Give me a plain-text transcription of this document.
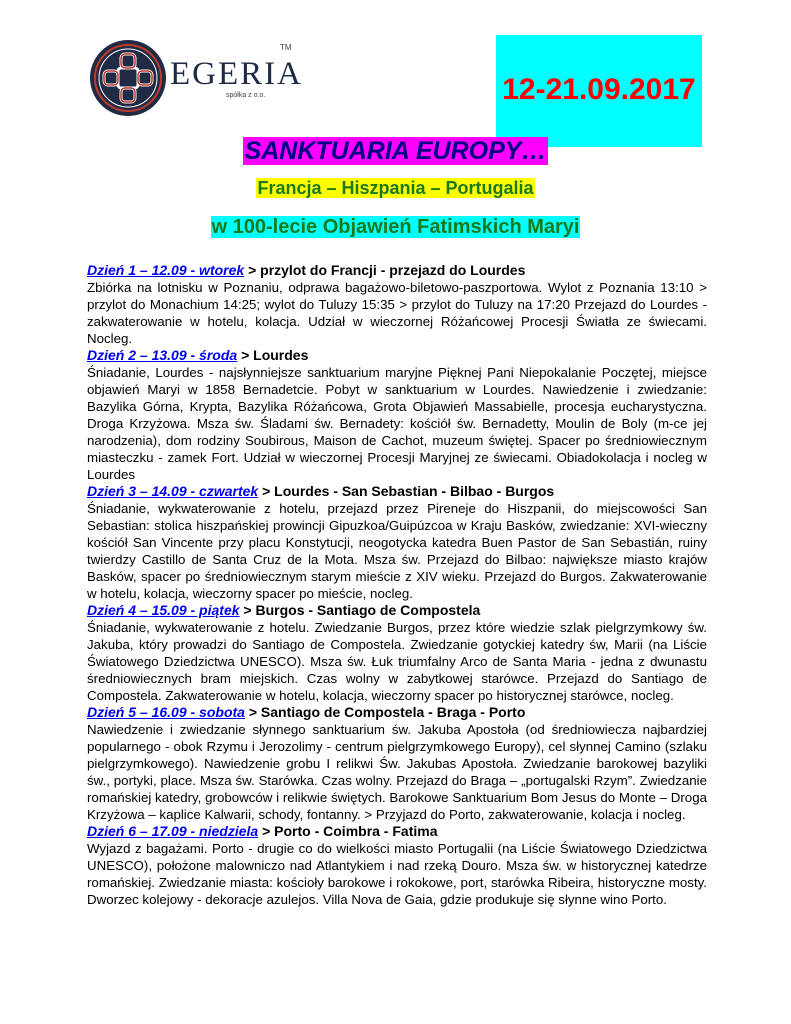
EGERIA
spółka z o.o.
TM
12-21.09.2017
SANKTUARIA EUROPY…
Francja – Hiszpania – Portugalia
w 100-lecie Objawień Fatimskich Maryi
Dzień 1 – 12.09 - wtorek > przylot do Francji - przejazd do Lourdes

Zbiórka na lotnisku w Poznaniu, odprawa bagażowo-biletowo-paszportowa. Wylot z Poznania 13:10 > przylot do Monachium 14:25; wylot do Tuluzy 15:35 > przylot do Tuluzy na 17:20 Przejazd do Lourdes - zakwaterowanie w hotelu, kolacja. Udział w wieczornej Różańcowej Procesji Światła ze świecami. Nocleg.

Dzień 2 – 13.09 - środa > Lourdes

Śniadanie, Lourdes - najsłynniejsze sanktuarium maryjne Pięknej Pani Niepokalanie Poczętej, miejsce objawień Maryi w 1858 Bernadetcie. Pobyt w sanktuarium w Lourdes. Nawiedzenie i zwiedzanie: Bazylika Górna, Krypta, Bazylika Różańcowa, Grota Objawień Massabielle, procesja eucharystyczna. Droga Krzyżowa. Msza św. Śladami św. Bernadety: kościół św. Bernadetty, Moulin de Boly (m-ce jej narodzenia), dom rodziny Soubirous, Maison de Cachot, muzeum świętej. Spacer po średniowiecznym miasteczku - zamek Fort. Udział w wieczornej Procesji Maryjnej ze świecami. Obiadokolacja i nocleg w Lourdes

Dzień 3 – 14.09 - czwartek > Lourdes - San Sebastian - Bilbao - Burgos

Śniadanie, wykwaterowanie z hotelu, przejazd przez Pireneje do Hiszpanii, do miejscowości San Sebastian: stolica hiszpańskiej prowincji Gipuzkoa/Guipúzcoa w Kraju Basków, zwiedzanie: XVI-wieczny kościół San Vincente przy placu Konstytucji, neogotycka katedra Buen Pastor de San Sebastián, ruiny twierdzy Castillo de Santa Cruz de la Mota. Msza św. Przejazd do Bilbao: największe miasto krajów Basków, spacer po średniowiecznym starym mieście z XIV wieku. Przejazd do Burgos. Zakwaterowanie w hotelu, kolacja, wieczorny spacer po mieście, nocleg.

Dzień 4 – 15.09 - piątek > Burgos - Santiago de Compostela

Śniadanie, wykwaterowanie z hotelu. Zwiedzanie Burgos, przez które wiedzie szlak pielgrzymkowy św. Jakuba, który prowadzi do Santiago de Compostela. Zwiedzanie gotyckiej katedry św, Marii (na Liście Światowego Dziedzictwa UNESCO). Msza św. Łuk triumfalny Arco de Santa Maria - jedna z dwunastu średniowiecznych bram miejskich. Czas wolny w zabytkowej starówce. Przejazd do Santiago de Compostela. Zakwaterowanie w hotelu, kolacja, wieczorny spacer po historycznej starówce, nocleg.

Dzień 5 – 16.09 - sobota > Santiago de Compostela - Braga - Porto

Nawiedzenie i zwiedzanie słynnego sanktuarium św. Jakuba Apostoła (od średniowiecza najbardziej popularnego - obok Rzymu i Jerozolimy - centrum pielgrzymkowego Europy), cel słynnej Camino (szlaku pielgrzymkowego). Nawiedzenie grobu I relikwi Św. Jakubas Apostoła. Zwiedzanie barokowej bazyliki św., portyki, place. Msza św. Starówka. Czas wolny. Przejazd do Braga – „portugalski Rzym”. Zwiedzanie romańskiej katedry, grobowców i relikwie świętych. Barokowe Sanktuarium Bom Jesus do Monte – Droga Krzyżowa – kaplice Kalwarii, schody, fontanny. > Przyjazd do Porto, zakwaterowanie, kolacja i nocleg.

Dzień 6 – 17.09 - niedziela > Porto - Coimbra - Fatima

Wyjazd z bagażami. Porto - drugie co do wielkości miasto Portugalii (na Liście Światowego Dziedzictwa UNESCO), położone malowniczo nad Atlantykiem i nad rzeką Douro. Msza św. w historycznej katedrze romańskiej. Zwiedzanie miasta: kościoły barokowe i rokokowe, port, starówka Ribeira, historyczne mosty. Dworzec kolejowy - dekoracje azulejos. Villa Nova de Gaia, gdzie produkuje się słynne wino Porto.
